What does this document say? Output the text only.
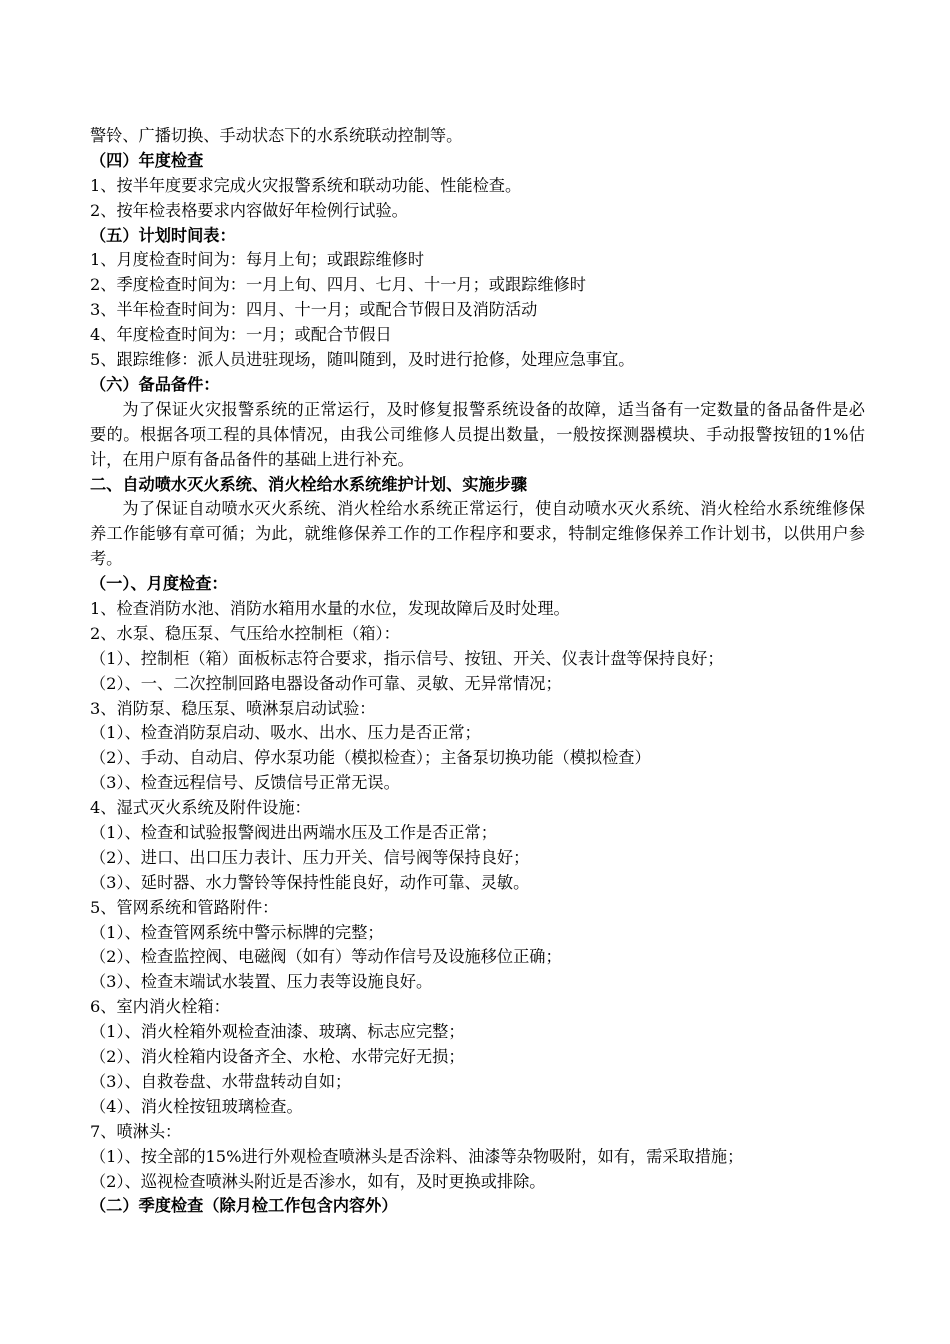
警铃、广播切换、手动状态下的水系统联动控制等。
（四）年度检查
1、按半年度要求完成火灾报警系统和联动功能、性能检查。
2、按年检表格要求内容做好年检例行试验。
（五）计划时间表：
1、月度检查时间为：每月上旬；或跟踪维修时
2、季度检查时间为：一月上旬、四月、七月、十一月；或跟踪维修时
3、半年检查时间为：四月、十一月；或配合节假日及消防活动
4、年度检查时间为：一月；或配合节假日
5、跟踪维修：派人员进驻现场，随叫随到，及时进行抢修，处理应急事宜。
（六）备品备件：
为了保证火灾报警系统的正常运行，及时修复报警系统设备的故障，适当备有一定数量的备品备件是必要的。根据各项工程的具体情况，由我公司维修人员提出数量，一般按探测器模块、手动报警按钮的1%估计，在用户原有备品备件的基础上进行补充。
二、自动喷水灭火系统、消火栓给水系统维护计划、实施步骤
为了保证自动喷水灭火系统、消火栓给水系统正常运行，使自动喷水灭火系统、消火栓给水系统维修保养工作能够有章可循；为此，就维修保养工作的工作程序和要求，特制定维修保养工作计划书，以供用户参考。
（一）、月度检查：
1、检查消防水池、消防水箱用水量的水位，发现故障后及时处理。
2、水泵、稳压泵、气压给水控制柜（箱）：
（1）、控制柜（箱）面板标志符合要求，指示信号、按钮、开关、仪表计盘等保持良好；
（2）、一、二次控制回路电器设备动作可靠、灵敏、无异常情况；
3、消防泵、稳压泵、喷淋泵启动试验：
（1）、检查消防泵启动、吸水、出水、压力是否正常；
（2）、手动、自动启、停水泵功能（模拟检查）；主备泵切换功能（模拟检查）
（3）、检查远程信号、反馈信号正常无误。
4、湿式灭火系统及附件设施：
（1）、检查和试验报警阀进出两端水压及工作是否正常；
（2）、进口、出口压力表计、压力开关、信号阀等保持良好；
（3）、延时器、水力警铃等保持性能良好，动作可靠、灵敏。
5、管网系统和管路附件：
（1）、检查管网系统中警示标牌的完整；
（2）、检查监控阀、电磁阀（如有）等动作信号及设施移位正确；
（3）、检查末端试水装置、压力表等设施良好。
6、室内消火栓箱：
（1）、消火栓箱外观检查油漆、玻璃、标志应完整；
（2）、消火栓箱内设备齐全、水枪、水带完好无损；
（3）、自救卷盘、水带盘转动自如；
（4）、消火栓按钮玻璃检查。
7、喷淋头：
（1）、按全部的15%进行外观检查喷淋头是否涂料、油漆等杂物吸附，如有，需采取措施；
（2）、巡视检查喷淋头附近是否渗水，如有，及时更换或排除。
（二）季度检查（除月检工作包含内容外）
